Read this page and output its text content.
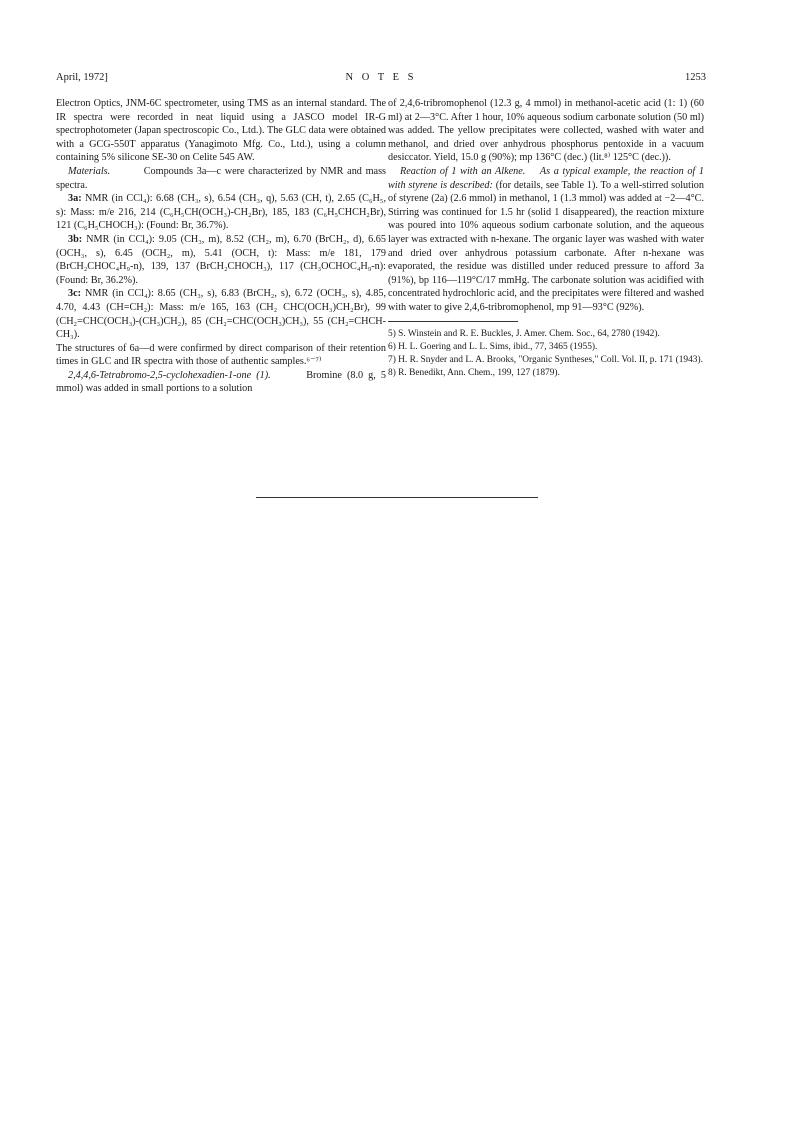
April, 1972]	N O T E S	1253

Electron Optics, JNM-6C spectrometer, using TMS as an internal standard. The IR spectra were recorded in neat liquid using a JASCO model IR-G spectrophotometer (Japan spectroscopic Co., Ltd.). The GLC data were obtained with a GCG-550T apparatus (Yanagimoto Mfg. Co., Ltd.), using a column containing 5% silicone SE-30 on Celite 545 AW.

Materials.	Compounds 3a—c were characterized by NMR and mass spectra.

3a: NMR (in CCl₄): 6.68 (CH₃, s), 6.54 (CH₃, q), 5.63 (CH, t), 2.65 (C₆H₅, s): Mass: m/e 216, 214 (C₆H₅CH(OCH₃)-CH₂Br), 185, 183 (C₆H₅CHCH₂Br), 121 (C₆H₅CHOCH₃): (Found: Br, 36.7%).

3b: NMR (in CCl₄): 9.05 (CH₃, m), 8.52 (CH₂, m), 6.70 (BrCH₂, d), 6.65 (OCH₃, s), 6.45 (OCH₂, m), 5.41 (OCH, t): Mass: m/e 181, 179 (BrCH₂CHOC₄H₉-n), 139, 137 (BrCH₂CHOCH₃), 117 (CH₃OCHOC₄H₉-n): (Found: Br, 36.2%).

3c: NMR (in CCl₄): 8.65 (CH₃, s), 6.83 (BrCH₂, s), 6.72 (OCH₃, s), 4.85, 4.70, 4.43 (CH=CH₂): Mass: m/e 165, 163 (CH₂ CHC(OCH₃)CH₂Br), 99 (CH₂=CHC(OCH₃)-(CH₃)CH₂), 85 (CH₂=CHC(OCH₃)CH₃), 55 (CH₂=CHCH-CH₃).

The structures of 6a—d were confirmed by direct comparison of their retention times in GLC and IR spectra with those of authentic samples.⁶⁻⁷⁾

2,4,4,6-Tetrabromo-2,5-cyclohexadien-1-one (1).	Bromine (8.0 g, 5 mmol) was added in small portions to a solution

of 2,4,6-tribromophenol (12.3 g, 4 mmol) in methanol-acetic acid (1: 1) (60 ml) at 2—3°C. After 1 hour, 10% aqueous sodium carbonate solution (50 ml) was added. The yellow precipitates were collected, washed with water and methanol, and dried over anhydrous phosphorus pentoxide in a vacuum desiccator. Yield, 15.0 g (90%); mp 136°C (dec.) (lit.⁸⁾ 125°C (dec.)).

Reaction of 1 with an Alkene. As a typical example, the reaction of 1 with styrene is described: (for details, see Table 1). To a well-stirred solution of styrene (2a) (2.6 mmol) in methanol, 1 (1.3 mmol) was added at −2—4°C. Stirring was continued for 1.5 hr (solid 1 disappeared), the reaction mixture was poured into 10% aqueous sodium carbonate solution, and the aqueous layer was extracted with n-hexane. The organic layer was washed with water and dried over anhydrous potassium carbonate. After n-hexane was evaporated, the residue was distilled under reduced pressure to afford 3a (91%), bp 116—119°C/17 mmHg. The carbonate solution was acidified with concentrated hydrochloric acid, and the precipitates were filtered and washed with water to give 2,4,6-tribromophenol, mp 91—93°C (92%).

5) S. Winstein and R. E. Buckles, J. Amer. Chem. Soc., 64, 2780 (1942).
6) H. L. Goering and L. L. Sims, ibid., 77, 3465 (1955).
7) H. R. Snyder and L. A. Brooks, "Organic Syntheses," Coll. Vol. II, p. 171 (1943).
8) R. Benedikt, Ann. Chem., 199, 127 (1879).
